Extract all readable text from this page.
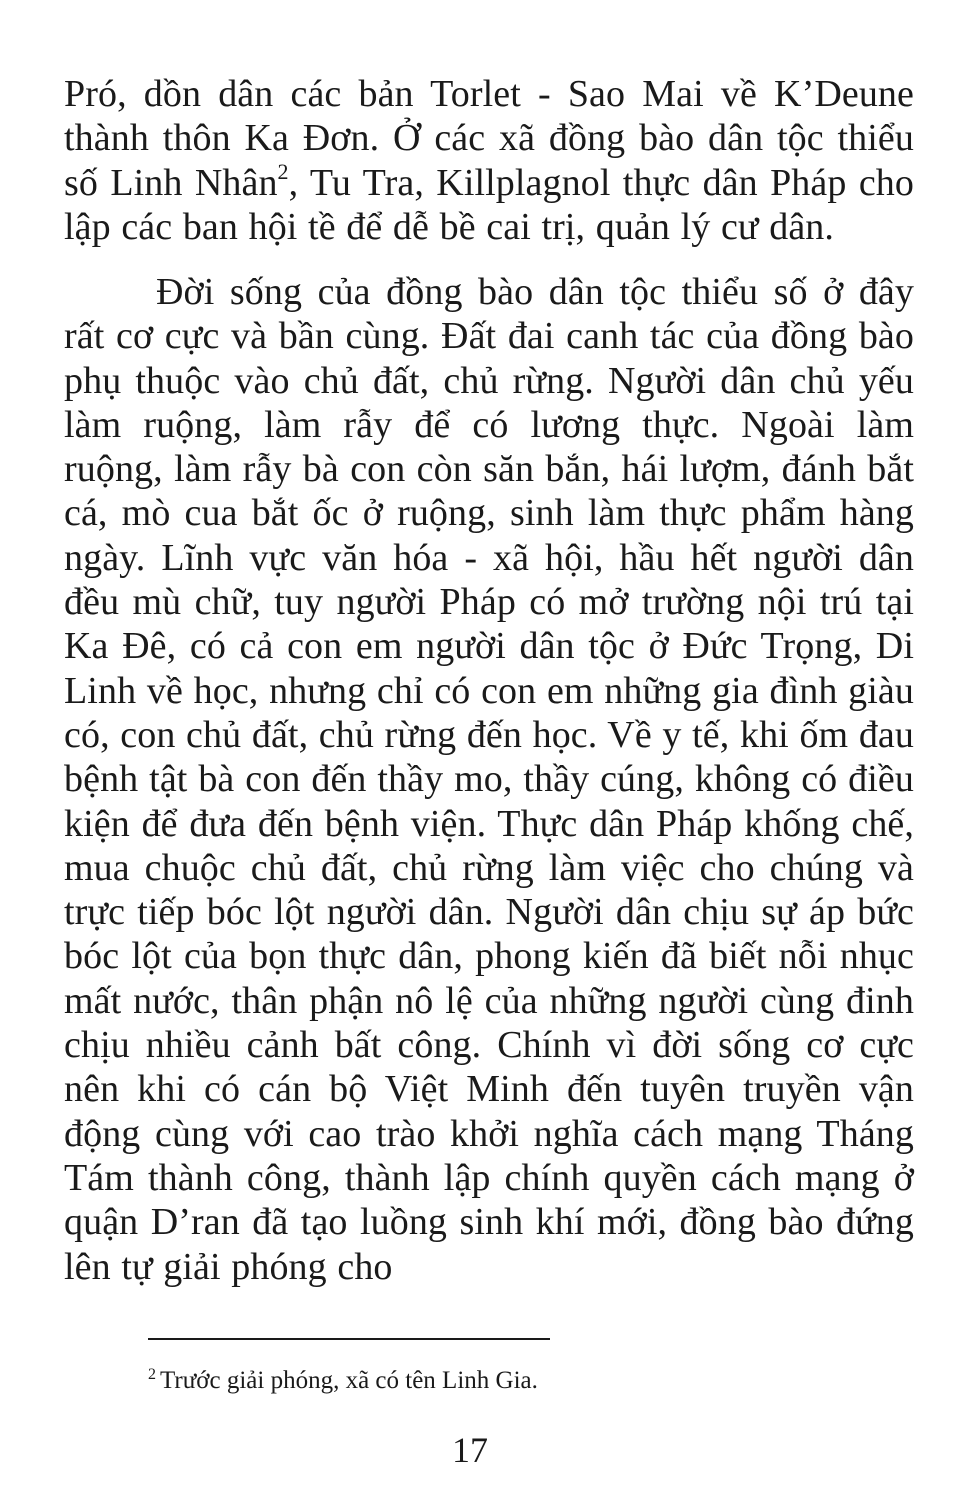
Pró, dồn dân các bản Torlet - Sao Mai về K’Deune thành thôn Ka Đơn. Ở các xã đồng bào dân tộc thiểu số Linh Nhân$^2$, Tu Tra, Killplagnol thực dân Pháp cho lập các ban hội tề để dễ bề cai trị, quản lý cư dân.

Đời sống của đồng bào dân tộc thiểu số ở đây rất cơ cực và bần cùng. Đất đai canh tác của đồng bào phụ thuộc vào chủ đất, chủ rừng. Người dân chủ yếu làm ruộng, làm rẫy để có lương thực. Ngoài làm ruộng, làm rẫy bà con còn săn bắn, hái lượm, đánh bắt cá, mò cua bắt ốc ở ruộng, sinh làm thực phẩm hàng ngày. Lĩnh vực văn hóa - xã hội, hầu hết người dân đều mù chữ, tuy người Pháp có mở trường nội trú tại Ka Đê, có cả con em người dân tộc ở Đức Trọng, Di Linh về học, nhưng chỉ có con em những gia đình giàu có, con chủ đất, chủ rừng đến học. Về y tế, khi ốm đau bệnh tật bà con đến thầy mo, thầy cúng, không có điều kiện để đưa đến bệnh viện. Thực dân Pháp khống chế, mua chuộc chủ đất, chủ rừng làm việc cho chúng và trực tiếp bóc lột người dân. Người dân chịu sự áp bức bóc lột của bọn thực dân, phong kiến đã biết nỗi nhục mất nước, thân phận nô lệ của những người cùng đinh chịu nhiều cảnh bất công. Chính vì đời sống cơ cực nên khi có cán bộ Việt Minh đến tuyên truyền vận động cùng với cao trào khởi nghĩa cách mạng Tháng Tám thành công, thành lập chính quyền cách mạng ở quận D’ran đã tạo luồng sinh khí mới, đồng bào đứng lên tự giải phóng cho

$^2$ Trước giải phóng, xã có tên Linh Gia.
17
